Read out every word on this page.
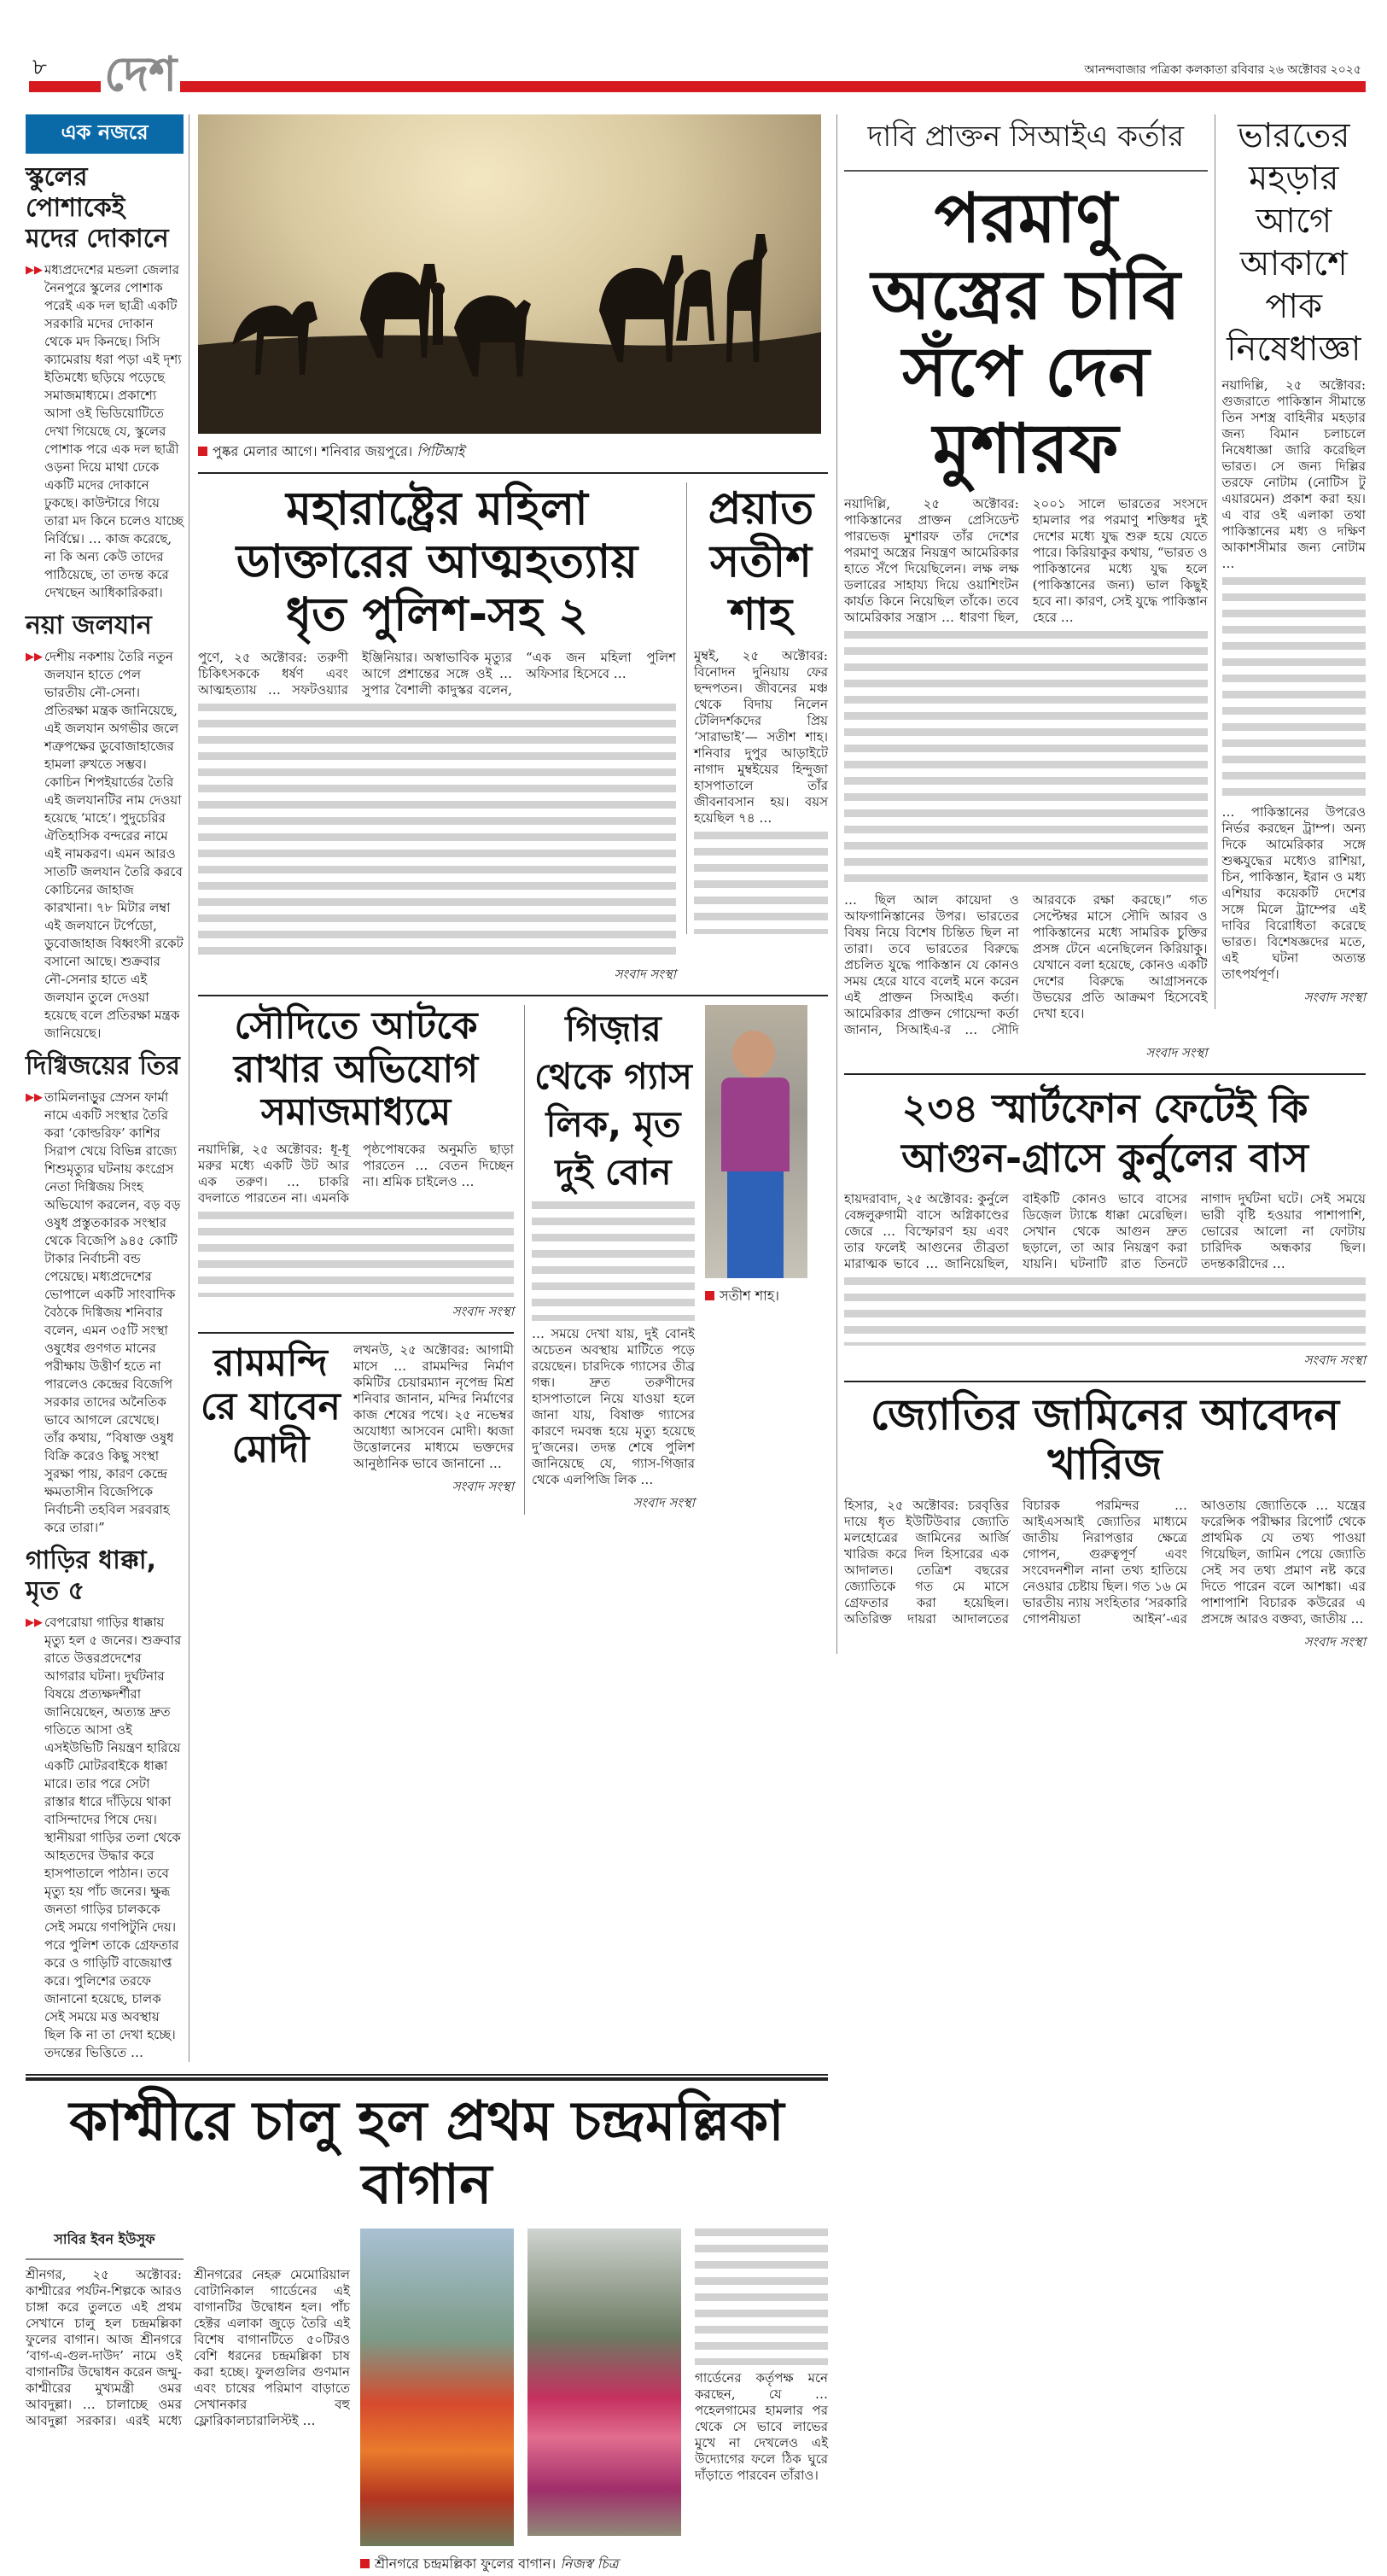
৮ দেশ	আনন্দবাজার পত্রিকা কলকাতা রবিবার ২৬ অক্টোবর ২০২৫
এক নজরে
স্কুলের পোশাকেই মদের দোকানে
▶▶ মধ্যপ্রদেশের মন্ডলা জেলার নৈনপুরে স্কুলের পোশাক পরেই এক দল ছাত্রী একটি সরকারি মদের দোকান থেকে মদ কিনছে। সিসি ক্যামেরায় ধরা পড়া এই দৃশ্য ইতিমধ্যে ছড়িয়ে পড়েছে সমাজমাধ্যমে। প্রকাশ্যে আসা ওই ভিডিয়োটিতে দেখা গিয়েছে যে, স্কুলের পোশাক পরে এক দল ছাত্রী ওড়না দিয়ে মাথা ঢেকে একটি মদের দোকানে ঢুকছে। কাউন্টারে গিয়ে তারা মদ কিনে চলেও যাচ্ছে নির্বিঘ্নে। … কাজ করেছে, না কি অন্য কেউ তাদের পাঠিয়েছে, তা তদন্ত করে দেখছেন আধিকারিকরা।
নয়া জলযান
▶▶ দেশীয় নকশায় তৈরি নতুন জলযান হাতে পেল ভারতীয় নৌ-সেনা। প্রতিরক্ষা মন্ত্রক জানিয়েছে, এই জলযান অগভীর জলে শত্রুপক্ষের ডুবোজাহাজের হামলা রুখতে সম্ভব। কোচিন শিপইয়ার্ডের তৈরি এই জলযানটির নাম দেওয়া হয়েছে ‘মাহে’। পুদুচেরির ঐতিহাসিক বন্দরের নামে এই নামকরণ। এমন আরও সাতটি জলযান তৈরি করবে কোচিনের জাহাজ কারখানা। ৭৮ মিটার লম্বা এই জলযানে টর্পেডো, ডুবোজাহাজ বিধ্বংসী রকেট বসানো আছে। শুক্রবার নৌ-সেনার হাতে এই জলযান তুলে দেওয়া হয়েছে বলে প্রতিরক্ষা মন্ত্রক জানিয়েছে।
দিগ্বিজয়ের তির
▶▶ তামিলনাড়ুর স্রেসন ফার্মা নামে একটি সংস্থার তৈরি করা ‘কোল্ডরিফ’ কাশির সিরাপ খেয়ে বিভিন্ন রাজ্যে শিশুমৃত্যুর ঘটনায় কংগ্রেস নেতা দিগ্বিজয় সিংহ অভিযোগ করলেন, বড় বড় ওষুধ প্রস্তুতকারক সংস্থার থেকে বিজেপি ৯৪৫ কোটি টাকার নির্বাচনী বন্ড পেয়েছে। মধ্যপ্রদেশের ভোপালে একটি সাংবাদিক বৈঠকে দিগ্বিজয় শনিবার বলেন, এমন ৩৫টি সংস্থা ওষুধের গুণগত মানের পরীক্ষায় উত্তীর্ণ হতে না পারলেও কেন্দ্রের বিজেপি সরকার তাদের অনৈতিক ভাবে আগলে রেখেছে। তাঁর কথায়, “বিষাক্ত ওষুধ বিক্রি করেও কিছু সংস্থা সুরক্ষা পায়, কারণ কেন্দ্রে ক্ষমতাসীন বিজেপিকে নির্বাচনী তহবিল সরবরাহ করে তারা।”
গাড়ির ধাক্কা, মৃত ৫
▶▶ বেপরোয়া গাড়ির ধাক্কায় মৃত্যু হল ৫ জনের। শুক্রবার রাতে উত্তরপ্রদেশের আগরার ঘটনা। দুর্ঘটনার বিষয়ে প্রত্যক্ষদর্শীরা জানিয়েছেন, অত্যন্ত দ্রুত গতিতে আসা ওই এসইউভিটি নিয়ন্ত্রণ হারিয়ে একটি মোটরবাইকে ধাক্কা মারে। তার পরে সেটা রাস্তার ধারে দাঁড়িয়ে থাকা বাসিন্দাদের পিষে দেয়। স্থানীয়রা গাড়ির তলা থেকে আহতদের উদ্ধার করে হাসপাতালে পাঠান। তবে মৃত্যু হয় পাঁচ জনের। ক্ষুব্ধ জনতা গাড়ির চালককে সেই সময়ে গণপিটুনি দেয়। পরে পুলিশ তাকে গ্রেফতার করে ও গাড়িটি বাজেয়াপ্ত করে। পুলিশের তরফে জানানো হয়েছে, চালক সেই সময়ে মত্ত অবস্থায় ছিল কি না তা দেখা হচ্ছে। তদন্তের ভিত্তিতে …
পুষ্কর মেলার আগে। শনিবার জয়পুরে। পিটিআই
মহারাষ্ট্রের মহিলা ডাক্তারের আত্মহত্যায় ধৃত পুলিশ-সহ ২
পুণে, ২৫ অক্টোবর: তরুণী চিকিৎসককে ধর্ষণ এবং আত্মহত্যায় … সফটওয়্যার ইঞ্জিনিয়ার। অস্বাভাবিক মৃত্যুর আগে প্রশান্তের সঙ্গে ওই … সুপার বৈশালী কাদুস্কর বলেন, “এক জন মহিলা পুলিশ অফিসার হিসেবে …
সংবাদ সংস্থা
প্রয়াত সতীশ শাহ
মুম্বই, ২৫ অক্টোবর: বিনোদন দুনিয়ায় ফের ছন্দপতন। জীবনের মঞ্চ থেকে বিদায় নিলেন টেলিদর্শকদের প্রিয় ‘সারাভাই’— সতীশ শাহ। শনিবার দুপুর আড়াইটে নাগাদ মুম্বইয়ের হিন্দুজা হাসপাতালে তাঁর জীবনাবসান হয়। বয়স হয়েছিল ৭৪ …
সৌদিতে আটকে রাখার অভিযোগ সমাজমাধ্যমে
নয়াদিল্লি, ২৫ অক্টোবর: ধূ-ধূ মরুর মধ্যে একটি উট আর এক তরুণ। … চাকরি বদলাতে পারতেন না। এমনকি পৃষ্ঠপোষকের অনুমতি ছাড়া পারতেন … বেতন দিচ্ছেন না। শ্রমিক চাইলেও …
সংবাদ সংস্থা
রামমন্দিরে যাবেন মোদী
লখনউ, ২৫ অক্টোবর: আগামী মাসে … রামমন্দির নির্মাণ কমিটির চেয়ারম্যান নৃপেন্দ্র মিশ্র শনিবার জানান, মন্দির নির্মাণের কাজ শেষের পথে। ২৫ নভেম্বর অযোধ্যা আসবেন মোদী। ধ্বজা উত্তোলনের মাধ্যমে ভক্তদের আনুষ্ঠানিক ভাবে জানানো …
সংবাদ সংস্থা
গিজ়ার থেকে গ্যাস লিক, মৃত দুই বোন
… সময়ে দেখা যায়, দুই বোনই অচেতন অবস্থায় মাটিতে পড়ে রয়েছেন। চারদিকে গ্যাসের তীব্র গন্ধ। দ্রুত তরুণীদের হাসপাতালে নিয়ে যাওয়া হলে জানা যায়, বিষাক্ত গ্যাসের কারণে দমবন্ধ হয়ে মৃত্যু হয়েছে দু’জনের। তদন্ত শেষে পুলিশ জানিয়েছে যে, গ্যাস-গিজ়ার থেকে এলপিজি লিক …
সংবাদ সংস্থা
সতীশ শাহ।
কাশ্মীরে চালু হল প্রথম চন্দ্রমল্লিকা বাগান
সাবির ইবন ইউসুফ
শ্রীনগর, ২৫ অক্টোবর: কাশ্মীরের পর্যটন-শিল্পকে আরও চাঙ্গা করে তুলতে এই প্রথম সেখানে চালু হল চন্দ্রমল্লিকা ফুলের বাগান। আজ শ্রীনগরে ‘বাগ-এ-গুল-দাউদ’ নামে ওই বাগানটির উদ্বোধন করেন জম্মু-কাশ্মীরের মুখ্যমন্ত্রী ওমর আবদুল্লা। … চালাচ্ছে ওমর আবদুল্লা সরকার। এরই মধ্যে শ্রীনগরের নেহরু মেমোরিয়াল বোটানিকাল গার্ডেনের এই বাগানটির উদ্বোধন হল। পাঁচ হেক্টর এলাকা জুড়ে তৈরি এই বিশেষ বাগানটিতে ৫০টিরও বেশি ধরনের চন্দ্রমল্লিকা চাষ করা হচ্ছে। ফুলগুলির গুণমান এবং চাষের পরিমাণ বাড়াতে সেখানকার বহু ফ্লোরিকালচারালিস্টই …
শ্রীনগরে চন্দ্রমল্লিকা ফুলের বাগান। নিজস্ব চিত্র
গার্ডেনের কর্তৃপক্ষ মনে করছেন, যে … পহেলগামের হামলার পর থেকে সে ভাবে লাভের মুখে না দেখলেও এই উদ্যোগের ফলে ঠিক ঘুরে দাঁড়াতে পারবেন তাঁরাও।
দাবি প্রাক্তন সিআইএ কর্তার
পরমাণু অস্ত্রের চাবি সঁপে দেন মুশারফ
নয়াদিল্লি, ২৫ অক্টোবর: পাকিস্তানের প্রাক্তন প্রেসিডেন্ট পারভেজ় মুশারফ তাঁর দেশের পরমাণু অস্ত্রের নিয়ন্ত্রণ আমেরিকার হাতে সঁপে দিয়েছিলেন। লক্ষ লক্ষ ডলারের সাহায্য দিয়ে ওয়াশিংটন কার্যত কিনে নিয়েছিল তাঁকে। তবে আমেরিকার সন্ত্রাস … ধারণা ছিল, ২০০১ সালে ভারতের সংসদে হামলার পর পরমাণু শক্তিধর দুই দেশের মধ্যে যুদ্ধ শুরু হয়ে যেতে পারে। কিরিয়াকুর কথায়, “ভারত ও পাকিস্তানের মধ্যে যুদ্ধ হলে (পাকিস্তানের জন্য) ভাল কিছুই হবে না। কারণ, সেই যুদ্ধে পাকিস্তান হেরে …
… ছিল আল কায়েদা ও আফগানিস্তানের উপর। ভারতের বিষয় নিয়ে বিশেষ চিন্তিত ছিল না তারা। তবে ভারতের বিরুদ্ধে প্রচলিত যুদ্ধে পাকিস্তান যে কোনও সময় হেরে যাবে বলেই মনে করেন এই প্রাক্তন সিআইএ কর্তা। আমেরিকার প্রাক্তন গোয়েন্দা কর্তা জানান, সিআইএ-র … সৌদি আরবকে রক্ষা করছে।” গত সেপ্টেম্বর মাসে সৌদি আরব ও পাকিস্তানের মধ্যে সামরিক চুক্তির প্রসঙ্গ টেনে এনেছিলেন কিরিয়াকু। যেখানে বলা হয়েছে, কোনও একটি দেশের বিরুদ্ধে আগ্রাসনকে উভয়ের প্রতি আক্রমণ হিসেবেই দেখা হবে।
সংবাদ সংস্থা
ভারতের মহড়ার আগে আকাশে পাক নিষেধাজ্ঞা
নয়াদিল্লি, ২৫ অক্টোবর: গুজরাতে পাকিস্তান সীমান্তে তিন সশস্ত্র বাহিনীর মহড়ার জন্য বিমান চলাচলে নিষেধাজ্ঞা জারি করেছিল ভারত। সে জন্য দিল্লির তরফে নোটাম (নোটিস টু এয়ারমেন) প্রকাশ করা হয়। এ বার ওই এলাকা তথা পাকিস্তানের মধ্য ও দক্ষিণ আকাশসীমার জন্য নোটাম …
… পাকিস্তানের উপরেও নির্ভর করছেন ট্রাম্প। অন্য দিকে আমেরিকার সঙ্গে শুল্কযুদ্ধের মধ্যেও রাশিয়া, চিন, পাকিস্তান, ইরান ও মধ্য এশিয়ার কয়েকটি দেশের সঙ্গে মিলে ট্রাম্পের এই দাবির বিরোধিতা করেছে ভারত। বিশেষজ্ঞদের মতে, এই ঘটনা অত্যন্ত তাৎপর্যপূর্ণ।
সংবাদ সংস্থা
২৩৪ স্মার্টফোন ফেটেই কি আগুন-গ্রাসে কুর্নুলের বাস
হায়দরাবাদ, ২৫ অক্টোবর: কুর্নুলে বেঙ্গলুরুগামী বাসে অগ্নিকাণ্ডের জেরে … বিস্ফোরণ হয় এবং তার ফলেই আগুনের তীব্রতা মারাত্মক ভাবে … জানিয়েছিল, বাইকটি কোনও ভাবে বাসের ডিজ়েল ট্যাঙ্কে ধাক্কা মেরেছিল। সেখান থেকে আগুন দ্রুত ছড়ালে, তা আর নিয়ন্ত্রণ করা যায়নি। ঘটনাটি রাত তিনটে নাগাদ দুর্ঘটনা ঘটে। সেই সময়ে ভারী বৃষ্টি হওয়ার পাশাপাশি, ভোরের আলো না ফোটায় চারিদিক অন্ধকার ছিল। তদন্তকারীদের …
সংবাদ সংস্থা
জ্যোতির জামিনের আবেদন খারিজ
হিসার, ২৫ অক্টোবর: চরবৃত্তির দায়ে ধৃত ইউটিউবার জ্যোতি মলহোত্রের জামিনের আর্জি খারিজ করে দিল হিসারের এক আদালত। তেত্রিশ বছরের জ্যোতিকে গত মে মাসে গ্রেফতার করা হয়েছিল। অতিরিক্ত দায়রা আদালতের বিচারক পরমিন্দর … আইএসআই জ্যোতির মাধ্যমে জাতীয় নিরাপত্তার ক্ষেত্রে গোপন, গুরুত্বপূর্ণ এবং সংবেদনশীল নানা তথ্য হাতিয়ে নেওয়ার চেষ্টায় ছিল। গত ১৬ মে ভারতীয় ন্যায় সংহিতার ‘সরকারি গোপনীয়তা আইন’-এর আওতায় জ্যোতিকে … যন্ত্রের ফরেন্সিক পরীক্ষার রিপোর্ট থেকে প্রাথমিক যে তথ্য পাওয়া গিয়েছিল, জামিন পেয়ে জ্যোতি সেই সব তথ্য প্রমাণ নষ্ট করে দিতে পারেন বলে আশঙ্কা। এর পাশাপাশি বিচারক কউরের এ প্রসঙ্গে আরও বক্তব্য, জাতীয় …
সংবাদ সংস্থা
